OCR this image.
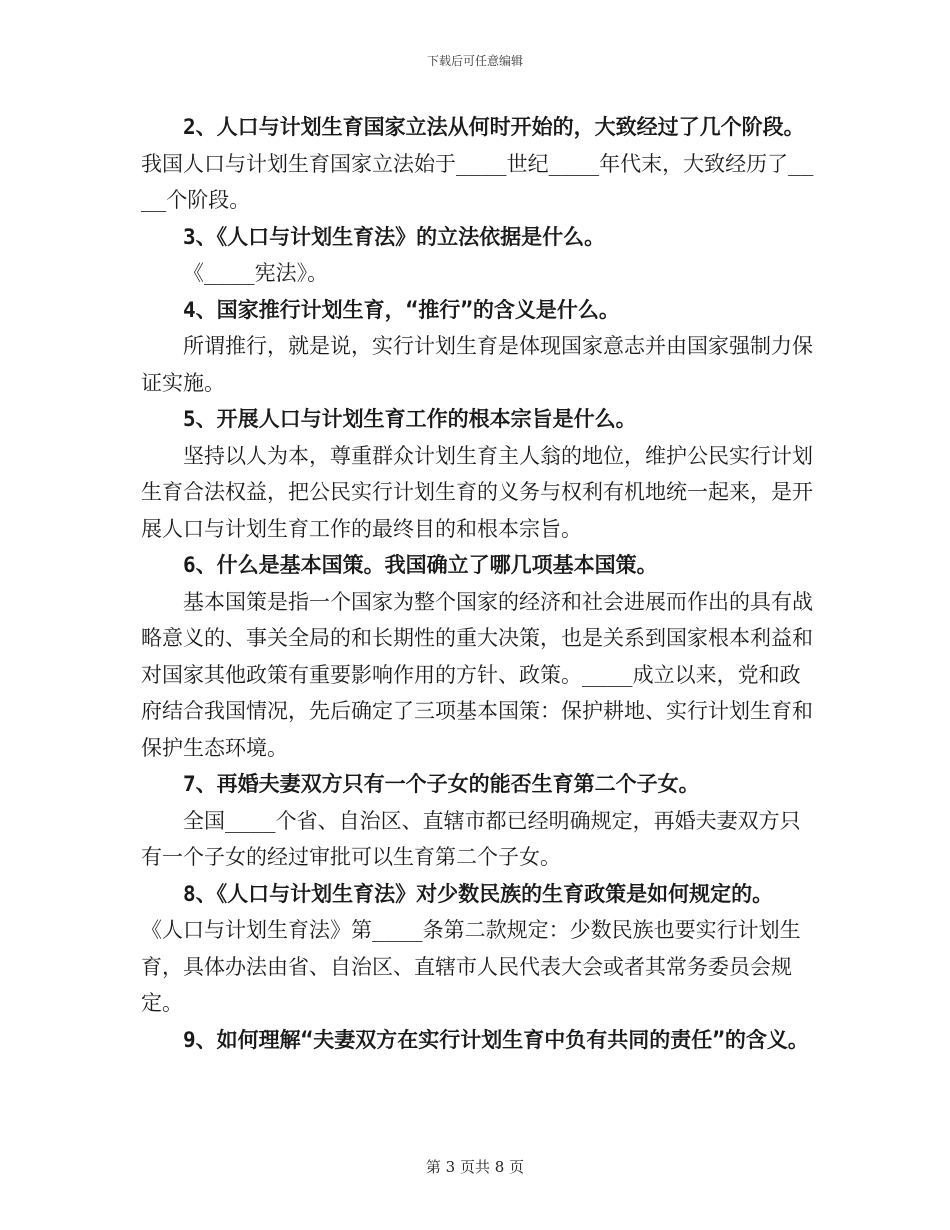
下载后可任意编辑

2、人口与计划生育国家立法从何时开始的，大致经过了几个阶段。

我国人口与计划生育国家立法始于____世纪____年代末，大致经历了____个阶段。

3、《人口与计划生育法》的立法依据是什么。

《____宪法》。

4、国家推行计划生育，“推行”的含义是什么。

所谓推行，就是说，实行计划生育是体现国家意志并由国家强制力保证实施。

5、开展人口与计划生育工作的根本宗旨是什么。

坚持以人为本，尊重群众计划生育主人翁的地位，维护公民实行计划生育合法权益，把公民实行计划生育的义务与权利有机地统一起来，是开展人口与计划生育工作的最终目的和根本宗旨。

6、什么是基本国策。我国确立了哪几项基本国策。

基本国策是指一个国家为整个国家的经济和社会进展而作出的具有战略意义的、事关全局的和长期性的重大决策，也是关系到国家根本利益和对国家其他政策有重要影响作用的方针、政策。____成立以来，党和政府结合我国情况，先后确定了三项基本国策：保护耕地、实行计划生育和保护生态环境。

7、再婚夫妻双方只有一个子女的能否生育第二个子女。

全国____个省、自治区、直辖市都已经明确规定，再婚夫妻双方只有一个子女的经过审批可以生育第二个子女。

8、《人口与计划生育法》对少数民族的生育政策是如何规定的。

《人口与计划生育法》第____条第二款规定：少数民族也要实行计划生育，具体办法由省、自治区、直辖市人民代表大会或者其常务委员会规定。

9、如何理解“夫妻双方在实行计划生育中负有共同的责任”的含义。

第 3 页共 8 页
